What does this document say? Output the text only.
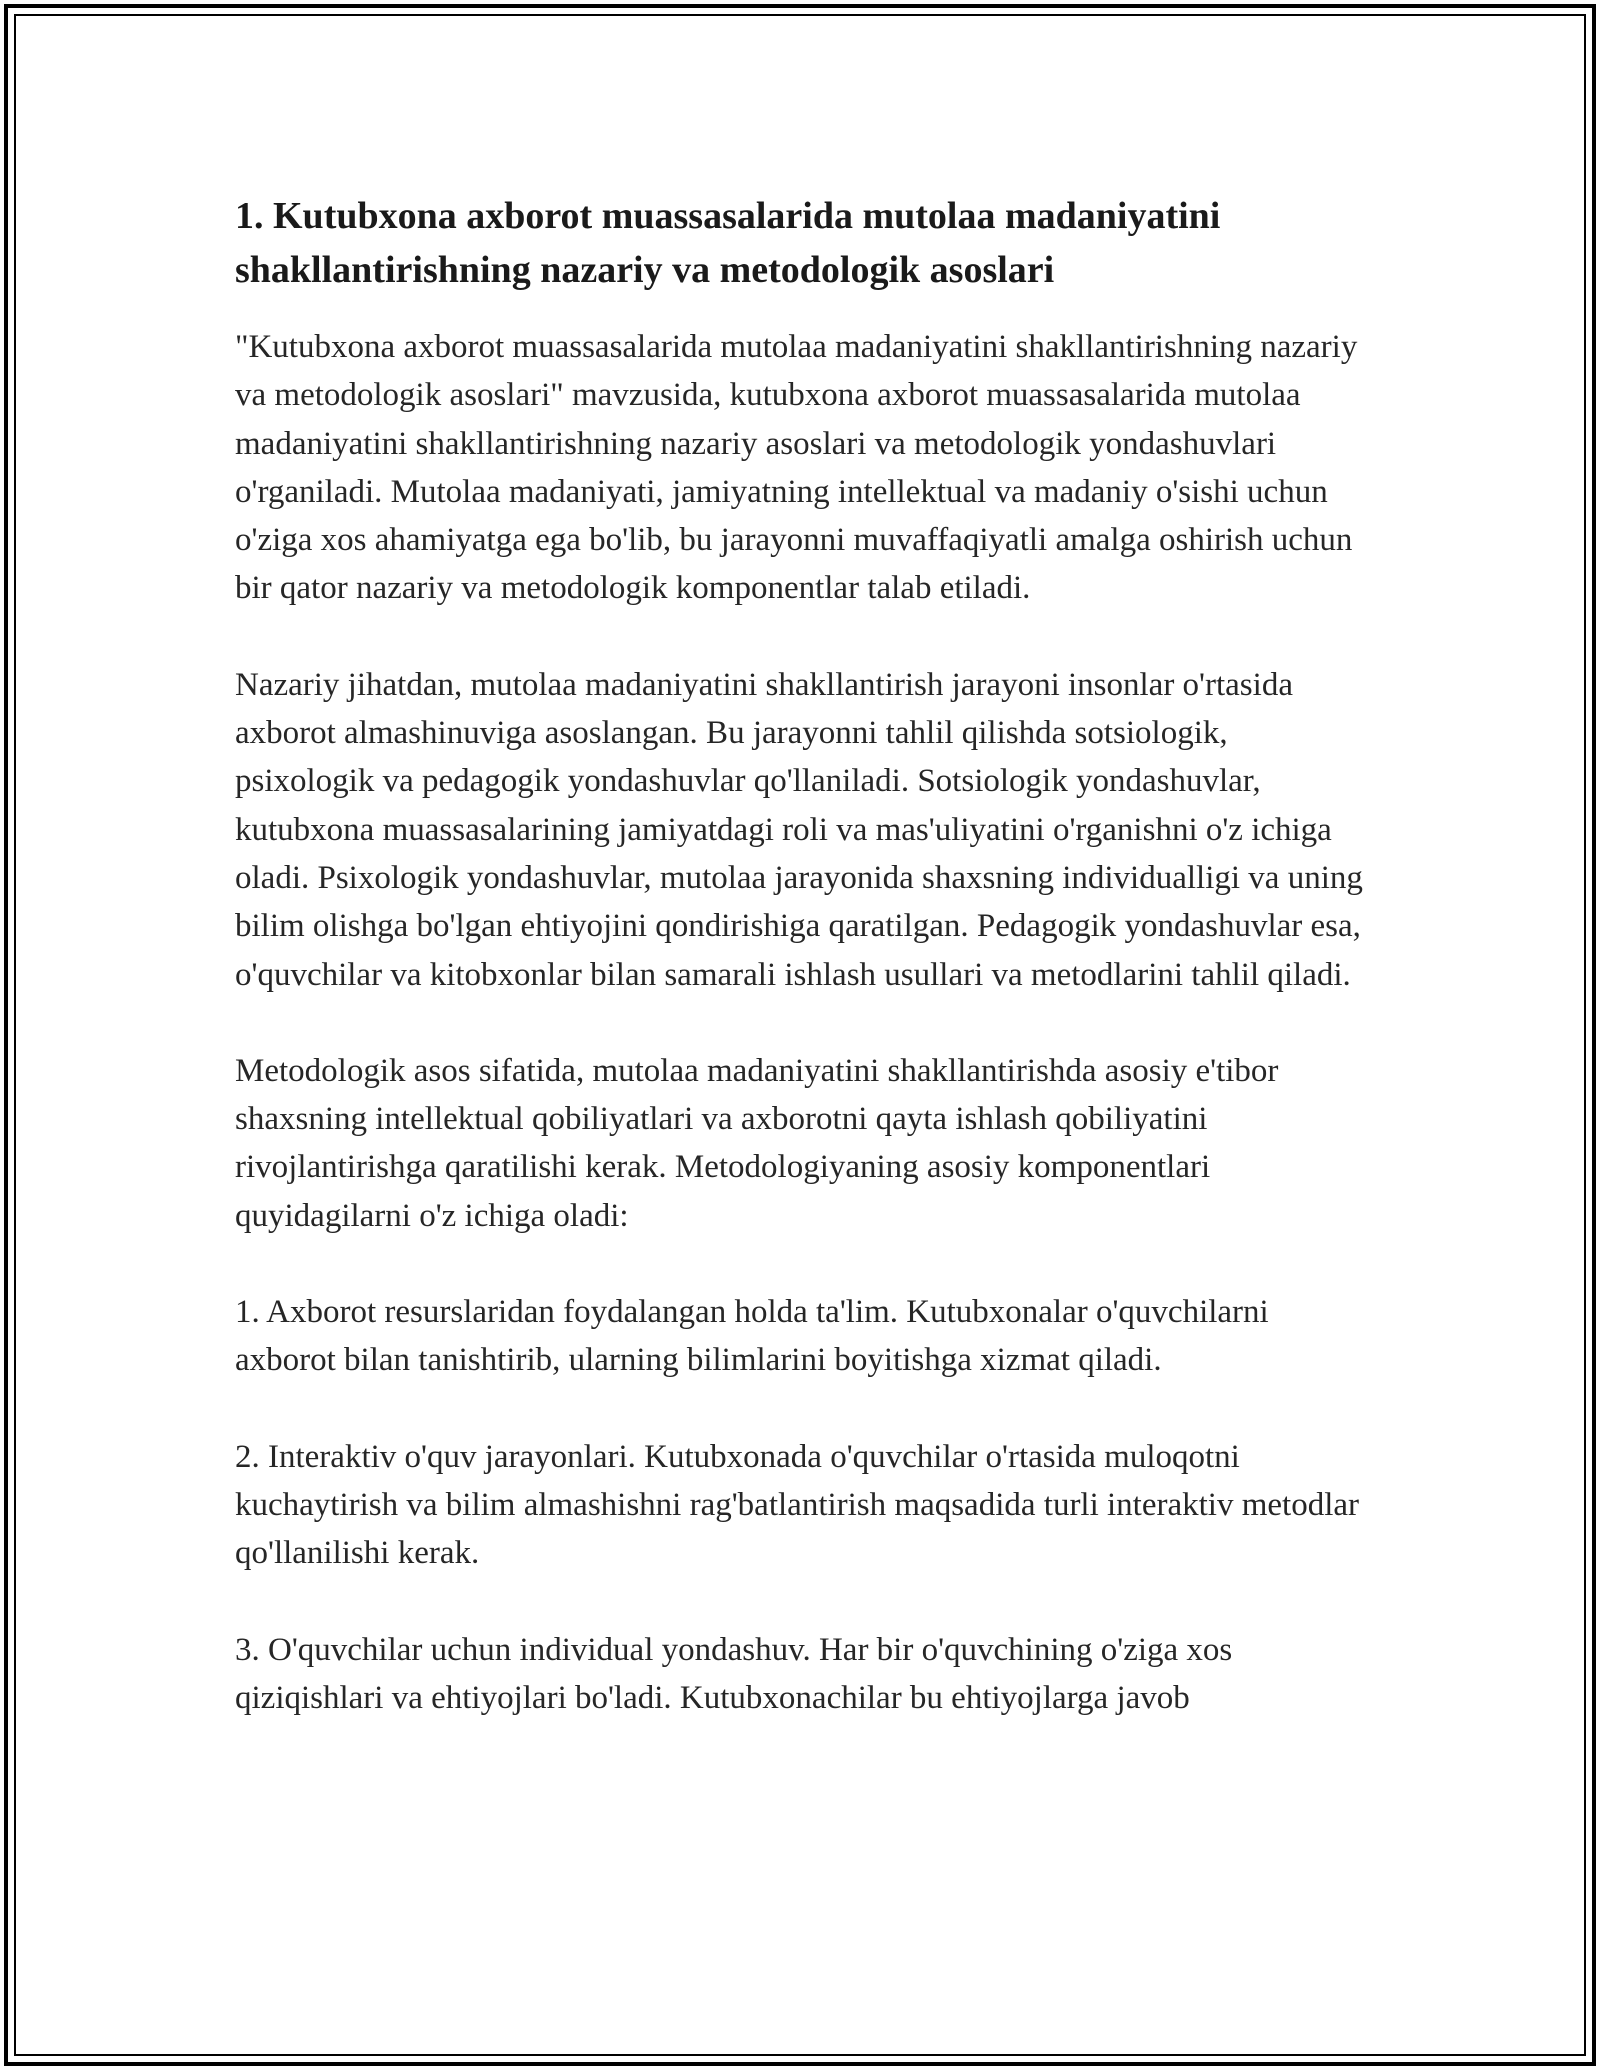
1. Kutubxona axborot muassasalarida mutolaa madaniyatini shakllantirishning nazariy va metodologik asoslari

"Kutubxona axborot muassasalarida mutolaa madaniyatini shakllantirishning nazariy va metodologik asoslari" mavzusida, kutubxona axborot muassasalarida mutolaa madaniyatini shakllantirishning nazariy asoslari va metodologik yondashuvlari o'rganiladi. Mutolaa madaniyati, jamiyatning intellektual va madaniy o'sishi uchun o'ziga xos ahamiyatga ega bo'lib, bu jarayonni muvaffaqiyatli amalga oshirish uchun bir qator nazariy va metodologik komponentlar talab etiladi.

Nazariy jihatdan, mutolaa madaniyatini shakllantirish jarayoni insonlar o'rtasida axborot almashinuviga asoslangan. Bu jarayonni tahlil qilishda sotsiologik, psixologik va pedagogik yondashuvlar qo'llaniladi. Sotsiologik yondashuvlar, kutubxona muassasalarining jamiyatdagi roli va mas'uliyatini o'rganishni o'z ichiga oladi. Psixologik yondashuvlar, mutolaa jarayonida shaxsning individualligi va uning bilim olishga bo'lgan ehtiyojini qondirishiga qaratilgan. Pedagogik yondashuvlar esa, o'quvchilar va kitobxonlar bilan samarali ishlash usullari va metodlarini tahlil qiladi.

Metodologik asos sifatida, mutolaa madaniyatini shakllantirishda asosiy e'tibor shaxsning intellektual qobiliyatlari va axborotni qayta ishlash qobiliyatini rivojlantirishga qaratilishi kerak. Metodologiyaning asosiy komponentlari quyidagilarni o'z ichiga oladi:

1. Axborot resurslaridan foydalangan holda ta'lim. Kutubxonalar o'quvchilarni axborot bilan tanishtirib, ularning bilimlarini boyitishga xizmat qiladi.

2. Interaktiv o'quv jarayonlari. Kutubxonada o'quvchilar o'rtasida muloqotni kuchaytirish va bilim almashishni rag'batlantirish maqsadida turli interaktiv metodlar qo'llanilishi kerak.

3. O'quvchilar uchun individual yondashuv. Har bir o'quvchining o'ziga xos qiziqishlari va ehtiyojlari bo'ladi. Kutubxonachilar bu ehtiyojlarga javob
